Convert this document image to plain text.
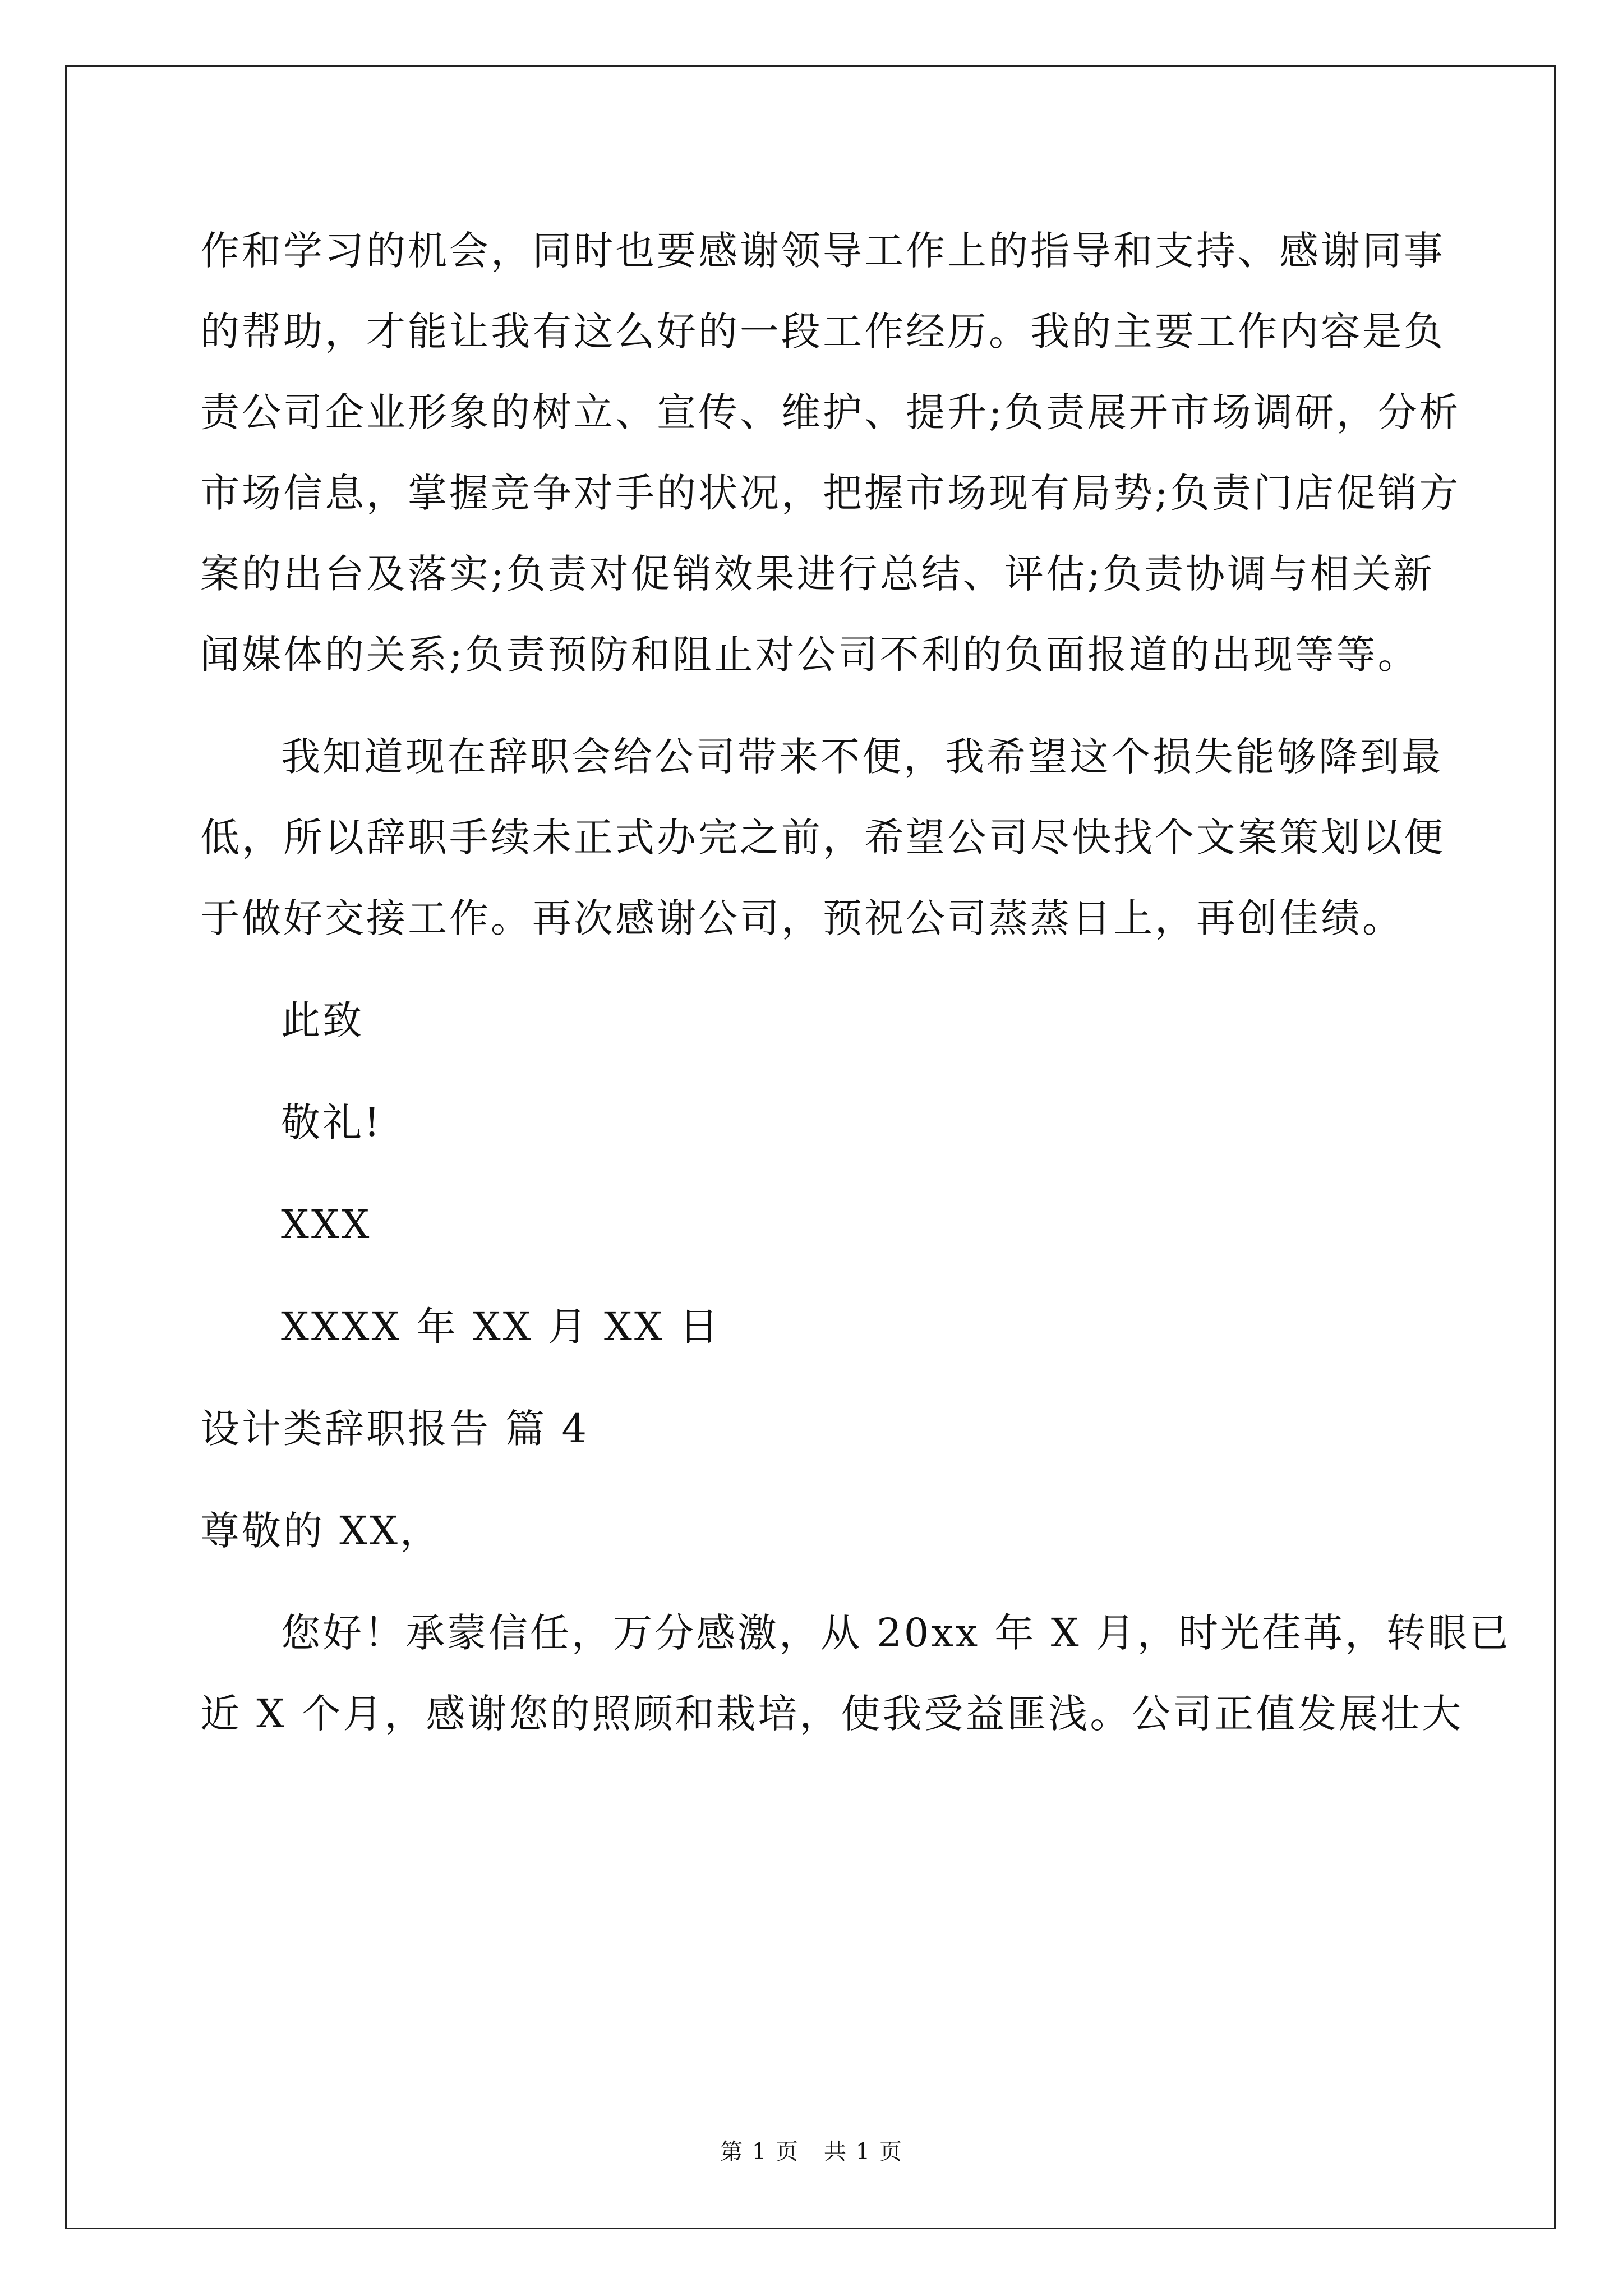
作和学习的机会，同时也要感谢领导工作上的指导和支持、感谢同事
的帮助，才能让我有这么好的一段工作经历。我的主要工作内容是负
责公司企业形象的树立、宣传、维护、提升;负责展开市场调研，分析
市场信息，掌握竞争对手的状况，把握市场现有局势;负责门店促销方
案的出台及落实;负责对促销效果进行总结、评估;负责协调与相关新
闻媒体的关系;负责预防和阻止对公司不利的负面报道的出现等等。
我知道现在辞职会给公司带来不便，我希望这个损失能够降到最
低，所以辞职手续未正式办完之前，希望公司尽快找个文案策划以便
于做好交接工作。再次感谢公司，预祝公司蒸蒸日上，再创佳绩。
此致
敬礼!
XXX
XXXX 年 XX 月 XX 日
设计类辞职报告 篇 4
尊敬的 XX，
您好！承蒙信任，万分感激，从 20xx 年 X 月，时光荏苒，转眼已
近 X 个月，感谢您的照顾和栽培，使我受益匪浅。公司正值发展壮大
第 1 页 共 1 页
